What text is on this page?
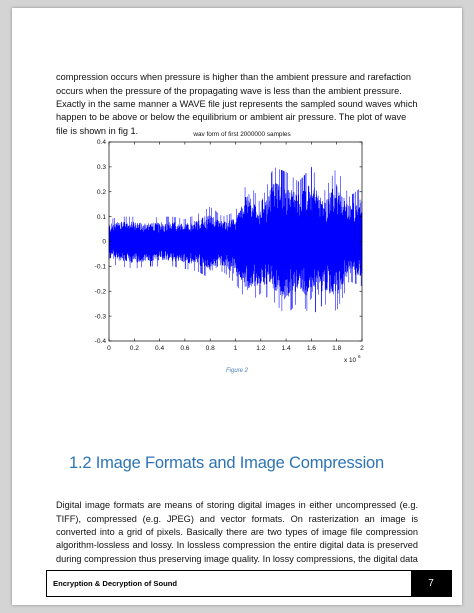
compression occurs when pressure is higher than the ambient pressure and rarefaction occurs when the pressure of the propagating wave is less than the ambient pressure. Exactly in the same manner a WAVE file just represents the sampled sound waves which happen to be above or below the equilibrium or ambient air pressure. The plot of wave file is shown in fig 1.	wav form of first 2000000 samples
0	0.2 0.4 0.6 0.8	1	1.2 1.4 1.6 1.8	2
-0.4
-0.3
-0.2
-0.1
0
0.1
0.2
0.3
0.4
x 10
6
Figure 2
1.2 Image Formats and Image Compression

Digital image formats are means of storing digital images in either uncompressed (e.g. TIFF), compressed (e.g. JPEG) and vector formats. On rasterization an image is converted into a grid of pixels. Basically there are two types of image file compression algorithm-lossless and lossy. In lossless compression the entire digital data is preserved during compression thus preserving image quality. In lossy compressions, the digital data

Encryption & Decryption of Sound	7
